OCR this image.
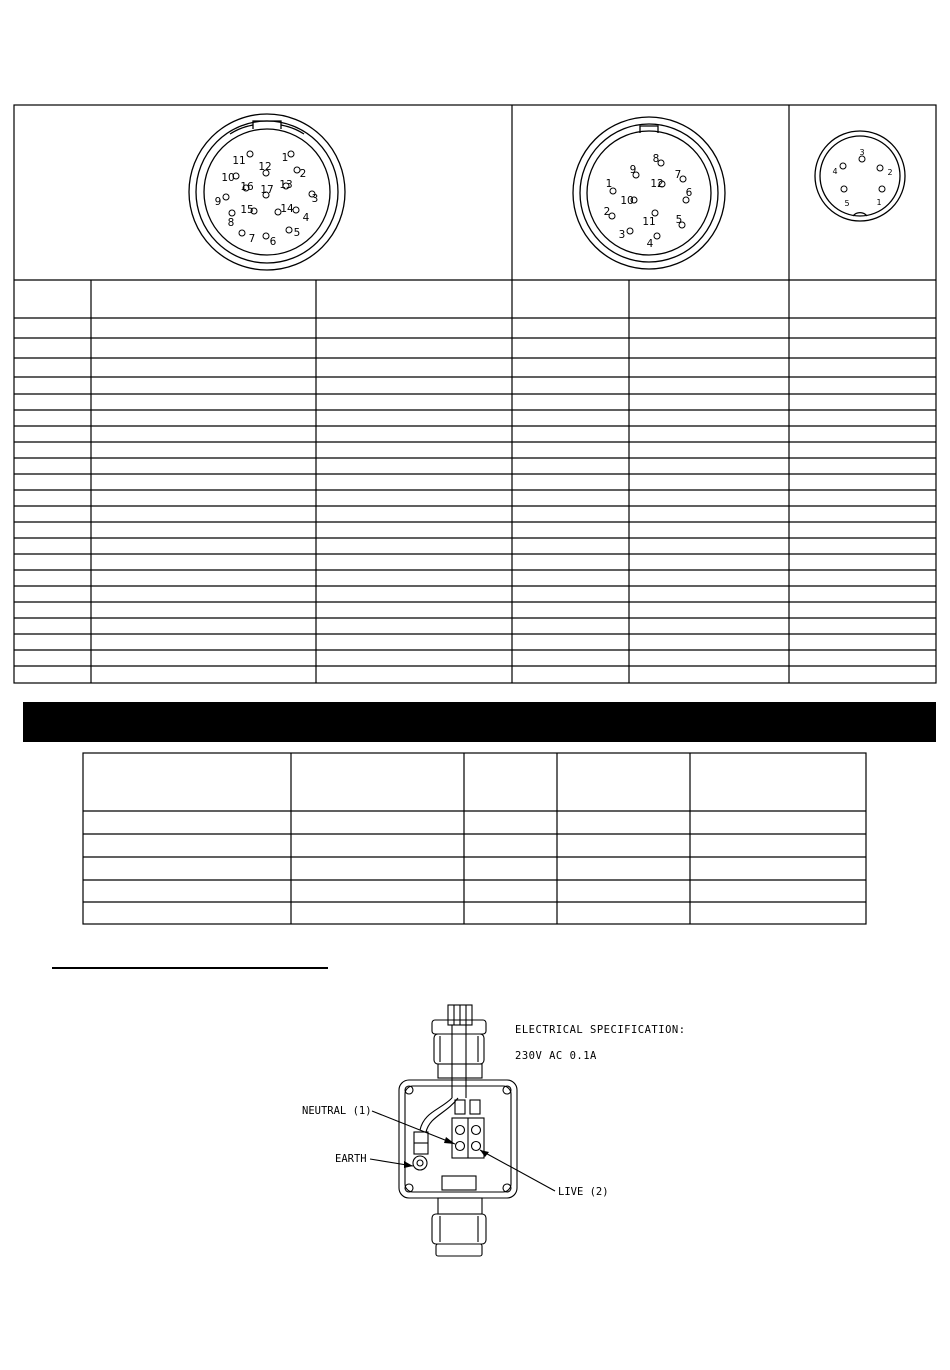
11 12
1
2
10
16 17 13
3
9
15	14
4
8
7 6
5
8
9	7
1	12
6
10
2
11 5
3
4
3
4	2
5	1
ELECTRICAL SPECIFICATION:
230V AC 0.1A
NEUTRAL (1)
EARTH
LIVE (2)
